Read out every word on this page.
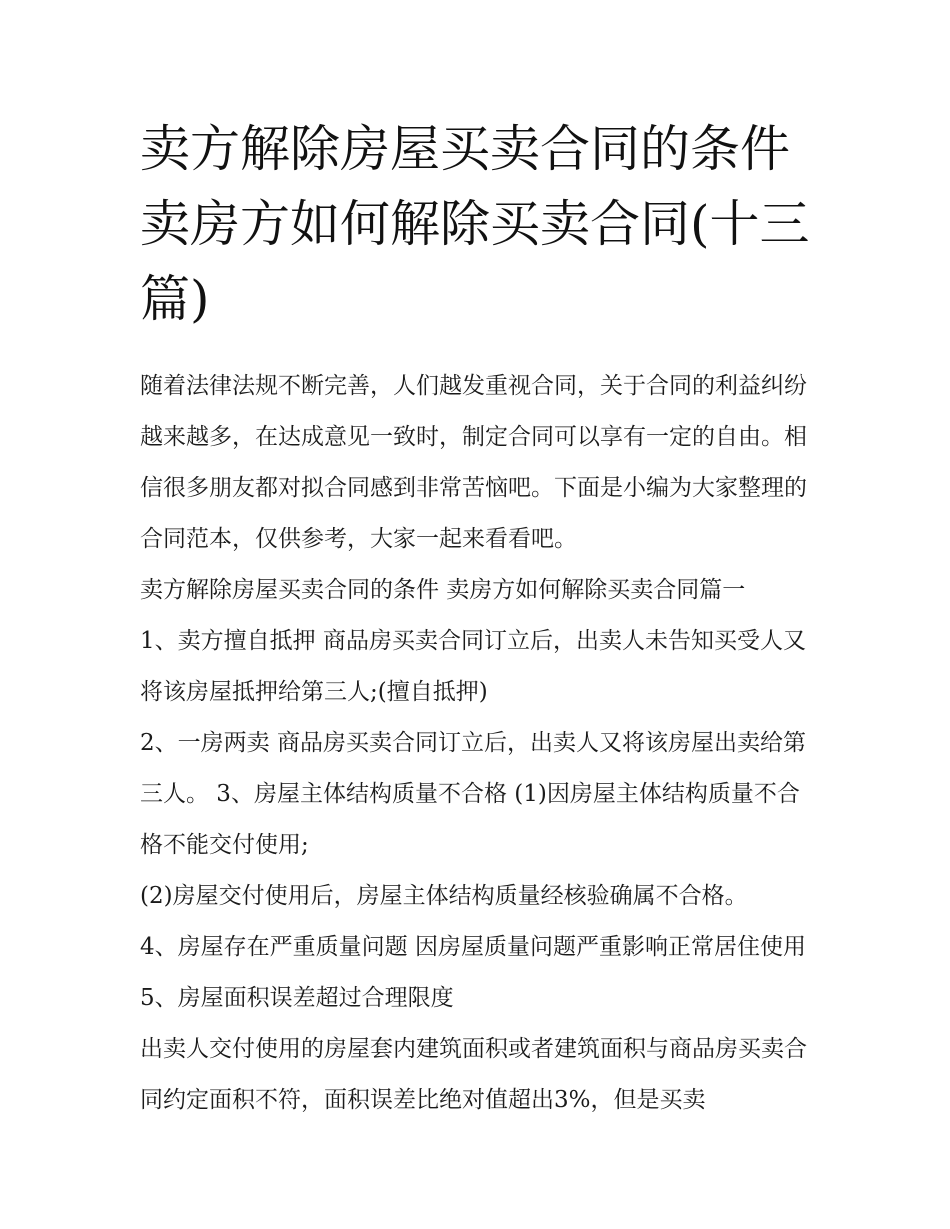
卖方解除房屋买卖合同的条件 卖房方如何解除买卖合同(十三篇)

随着法律法规不断完善，人们越发重视合同，关于合同的利益纠纷越来越多，在达成意见一致时，制定合同可以享有一定的自由。相信很多朋友都对拟合同感到非常苦恼吧。下面是小编为大家整理的合同范本，仅供参考，大家一起来看看吧。

卖方解除房屋买卖合同的条件 卖房方如何解除买卖合同篇一

1、卖方擅自抵押 商品房买卖合同订立后，出卖人未告知买受人又将该房屋抵押给第三人;(擅自抵押)

2、一房两卖 商品房买卖合同订立后，出卖人又将该房屋出卖给第三人。 3、房屋主体结构质量不合格 (1)因房屋主体结构质量不合格不能交付使用;

(2)房屋交付使用后，房屋主体结构质量经核验确属不合格。

4、房屋存在严重质量问题 因房屋质量问题严重影响正常居住使用 5、房屋面积误差超过合理限度

出卖人交付使用的房屋套内建筑面积或者建筑面积与商品房买卖合同约定面积不符，面积误差比绝对值超出3%，但是买卖
